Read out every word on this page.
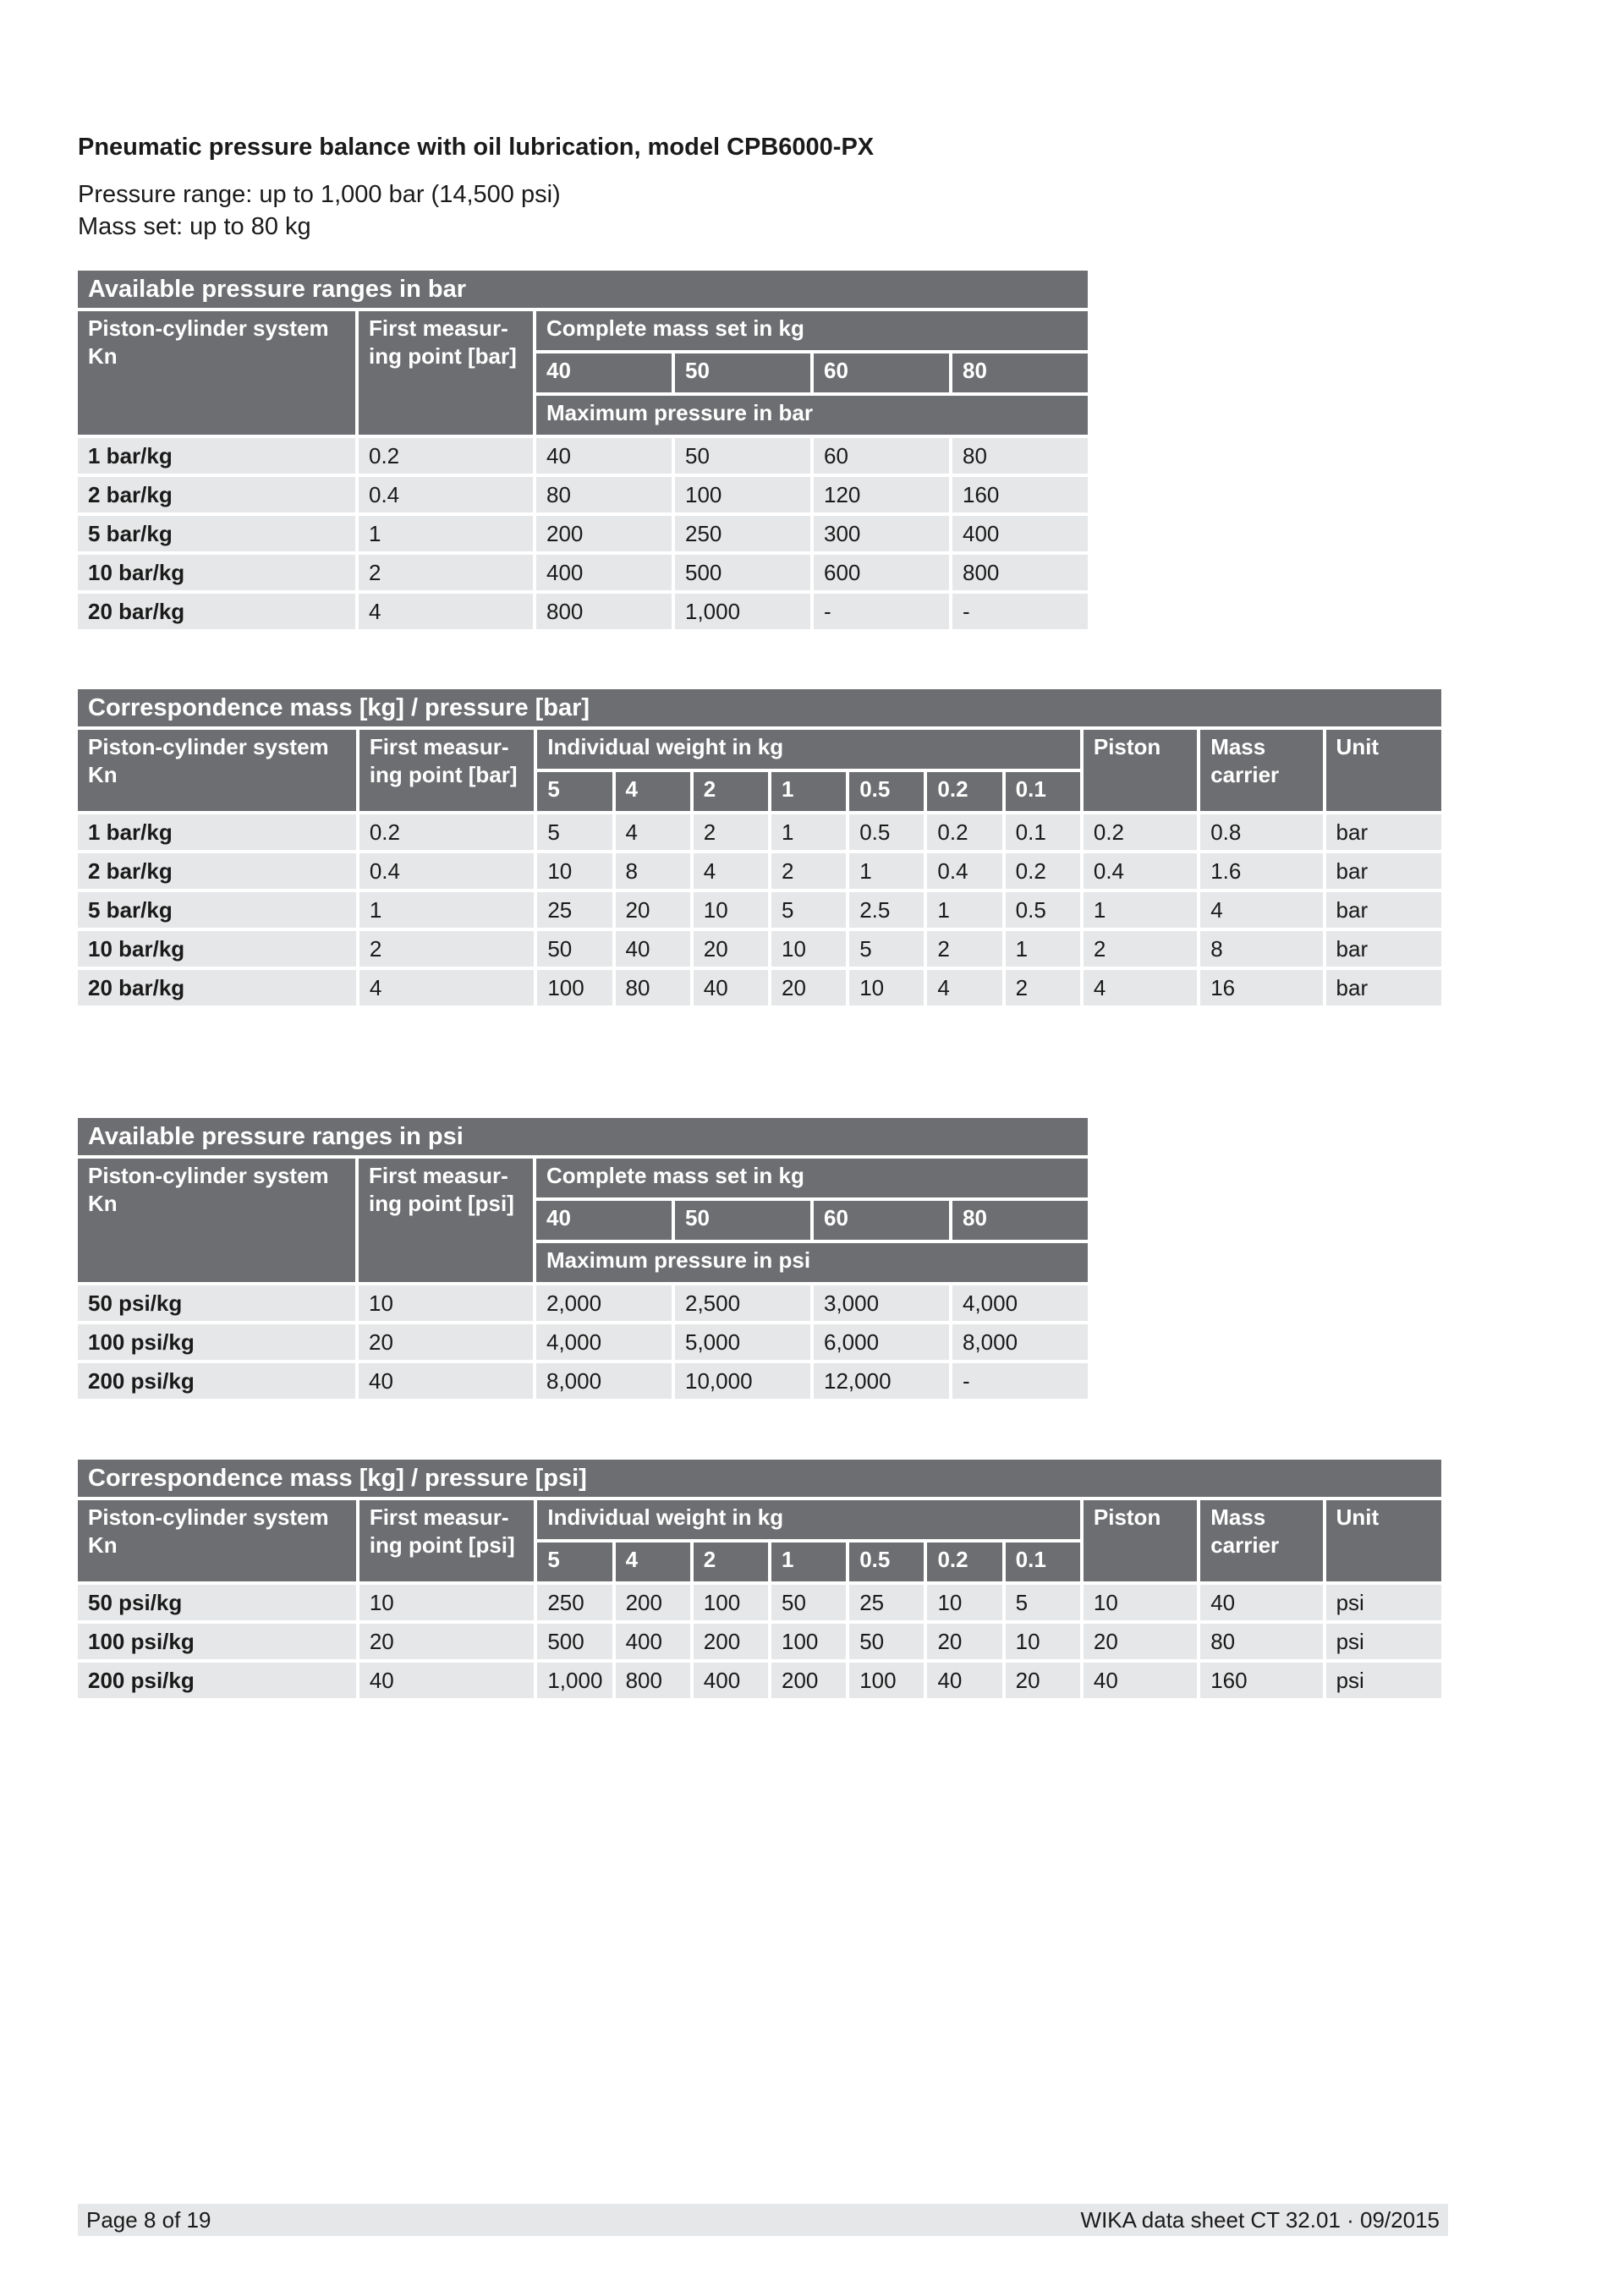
Pneumatic pressure balance with oil lubrication, model CPB6000-PX
Pressure range: up to 1,000 bar (14,500 psi)
Mass set: up to 80 kg
Available pressure ranges in bar					
Piston-cylinder system Kn	First measur-ing point [bar]	Complete mass set in kg			
		40	50	60	80
		Maximum pressure in bar			
1 bar/kg	0.2	40	50	60	80
2 bar/kg	0.4	80	100	120	160
5 bar/kg	1	200	250	300	400
10 bar/kg	2	400	500	600	800
20 bar/kg	4	800	1,000	-	-
Correspondence mass [kg] / pressure [bar]											
Piston-cylinder system Kn	First measur-ing point [bar]	Individual weight in kg							Piston	Mass carrier	Unit
		5	4	2	1	0.5	0.2	0.1			
1 bar/kg	0.2	5	4	2	1	0.5	0.2	0.1	0.2	0.8	bar
2 bar/kg	0.4	10	8	4	2	1	0.4	0.2	0.4	1.6	bar
5 bar/kg	1	25	20	10	5	2.5	1	0.5	1	4	bar
10 bar/kg	2	50	40	20	10	5	2	1	2	8	bar
20 bar/kg	4	100	80	40	20	10	4	2	4	16	bar
Available pressure ranges in psi					
Piston-cylinder system Kn	First measur-ing point [psi]	Complete mass set in kg			
		40	50	60	80
		Maximum pressure in psi			
50 psi/kg	10	2,000	2,500	3,000	4,000
100 psi/kg	20	4,000	5,000	6,000	8,000
200 psi/kg	40	8,000	10,000	12,000	-
Correspondence mass [kg] / pressure [psi]											
Piston-cylinder system Kn	First measur-ing point [psi]	Individual weight in kg							Piston	Mass carrier	Unit
		5	4	2	1	0.5	0.2	0.1			
50 psi/kg	10	250	200	100	50	25	10	5	10	40	psi
100 psi/kg	20	500	400	200	100	50	20	10	20	80	psi
200 psi/kg	40	1,000	800	400	200	100	40	20	40	160	psi
Page 8 of 19	WIKA data sheet CT 32.01 · 09/2015
